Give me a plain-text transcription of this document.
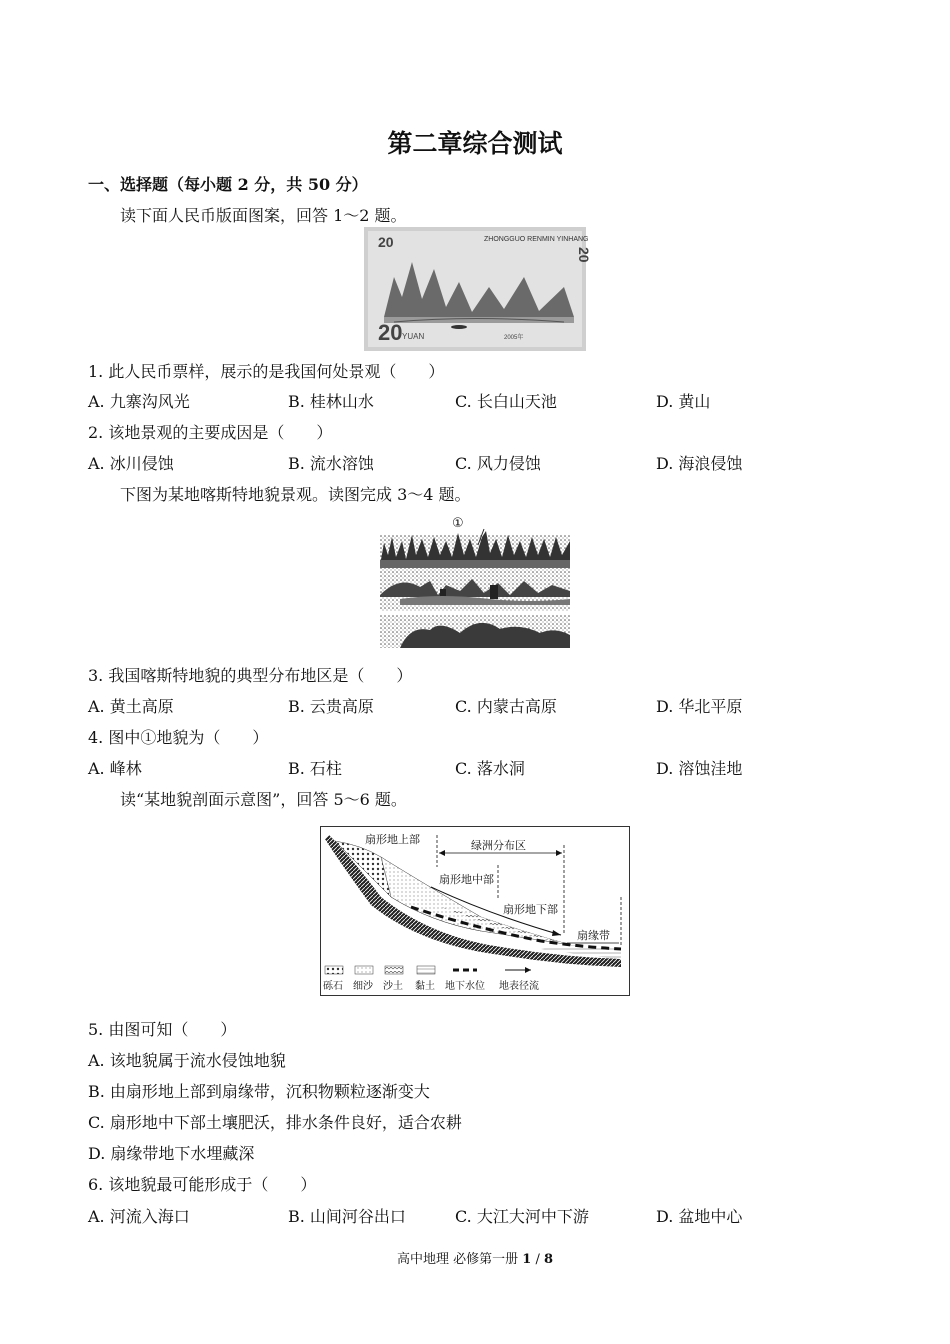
第二章综合测试
一、选择题（每小题 2 分，共 50 分）
读下面人民币版面图案，回答 1～2 题。
ZHONGGUO RENMIN YINHANG
20
20 YUAN	2005年
20
1. 此人民币票样，展示的是我国何处景观（　　）
A. 九寨沟风光	B. 桂林山水	C. 长白山天池	D. 黄山
2. 该地景观的主要成因是（　　）
A. 冰川侵蚀	B. 流水溶蚀	C. 风力侵蚀	D. 海浪侵蚀
下图为某地喀斯特地貌景观。读图完成 3～4 题。
①
3. 我国喀斯特地貌的典型分布地区是（　　）
A. 黄土高原	B. 云贵高原	C. 内蒙古高原	D. 华北平原
4. 图中①地貌为（　　）
A. 峰林	B. 石柱	C. 落水洞	D. 溶蚀洼地
读“某地貌剖面示意图”，回答 5～6 题。
扇形地上部	绿洲分布区
扇形地中部
扇形地下部
扇缘带
砾石 细沙 沙土 黏土 地下水位 地表径流
5. 由图可知（　　）
A. 该地貌属于流水侵蚀地貌
B. 由扇形地上部到扇缘带，沉积物颗粒逐渐变大
C. 扇形地中下部土壤肥沃，排水条件良好，适合农耕
D. 扇缘带地下水埋藏深
6. 该地貌最可能形成于（　　）
A. 河流入海口	B. 山间河谷出口	C. 大江大河中下游	D. 盆地中心
高中地理 必修第一册 1 / 8
